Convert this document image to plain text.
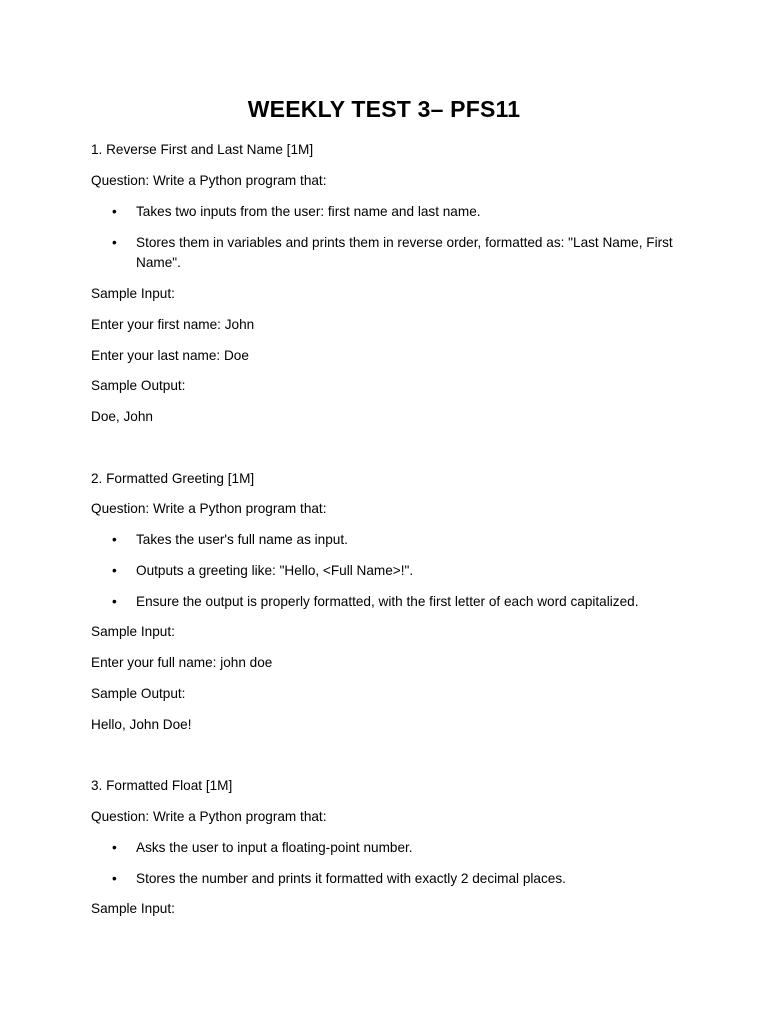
WEEKLY TEST 3– PFS11
1. Reverse First and Last Name [1M]
Question: Write a Python program that:
• Takes two inputs from the user: first name and last name.
• Stores them in variables and prints them in reverse order, formatted as: "Last Name, First Name".
Sample Input:
Enter your first name: John
Enter your last name: Doe
Sample Output:
Doe, John
2. Formatted Greeting [1M]
Question: Write a Python program that:
• Takes the user's full name as input.
• Outputs a greeting like: "Hello, <Full Name>!".
• Ensure the output is properly formatted, with the first letter of each word capitalized.
Sample Input:
Enter your full name: john doe
Sample Output:
Hello, John Doe!
3. Formatted Float [1M]
Question: Write a Python program that:
• Asks the user to input a floating-point number.
• Stores the number and prints it formatted with exactly 2 decimal places.
Sample Input:
